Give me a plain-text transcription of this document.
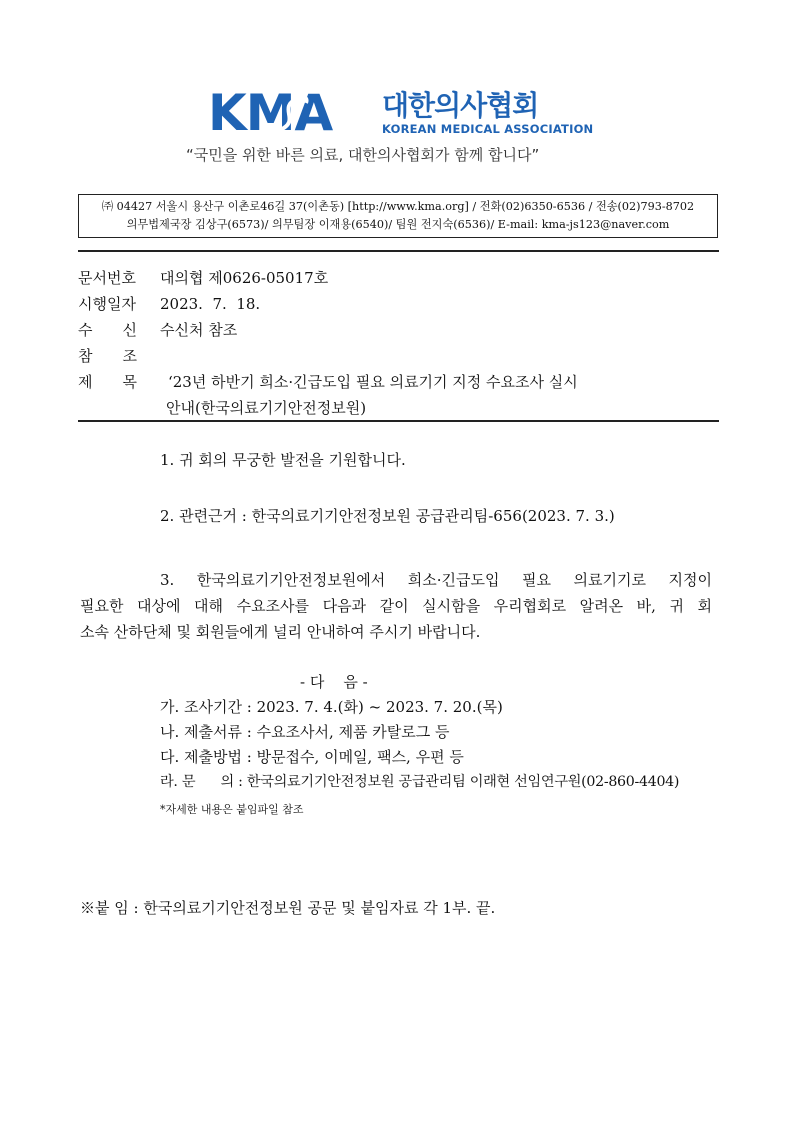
KMA 대한의사협회
KOREAN MEDICAL ASSOCIATION
“국민을 위한 바른 의료, 대한의사협회가 함께 합니다”
㈜ 04427 서울시 용산구 이촌로46길 37(이촌동) [http://www.kma.org] / 전화(02)6350-6536 / 전송(02)793-8702
의무법제국장 김상구(6573)/ 의무팀장 이재용(6540)/ 팀원 전지숙(6536)/ E-mail: kma-js123@naver.com
문서번호 대의협 제0626-05017호
시행일자 2023.  7.  18.
수 신 수신처 참조
참 조
제 목 ‘23년 하반기 희소·긴급도입 필요 의료기기 지정 수요조사 실시
안내(한국의료기기안전정보원)
1. 귀 회의 무궁한 발전을 기원합니다.
2. 관련근거 : 한국의료기기안전정보원 공급관리팀-656(2023. 7. 3.)
3. 한국의료기기안전정보원에서 희소·긴급도입 필요 의료기기로 지정이
필요한 대상에 대해 수요조사를 다음과 같이 실시함을 우리협회로 알려온 바, 귀 회
소속 산하단체 및 회원들에게 널리 안내하여 주시기 바랍니다.
- 다    음 -
가. 조사기간 : 2023. 7. 4.(화) ~ 2023. 7. 20.(목)
나. 제출서류 : 수요조사서, 제품 카탈로그 등
다. 제출방법 : 방문접수, 이메일, 팩스, 우편 등
라. 문      의 : 한국의료기기안전정보원 공급관리팀 이래현 선임연구원(02-860-4404)
*자세한 내용은 붙임파일 참조
※붙 임 : 한국의료기기안전정보원 공문 및 붙임자료 각 1부. 끝.
